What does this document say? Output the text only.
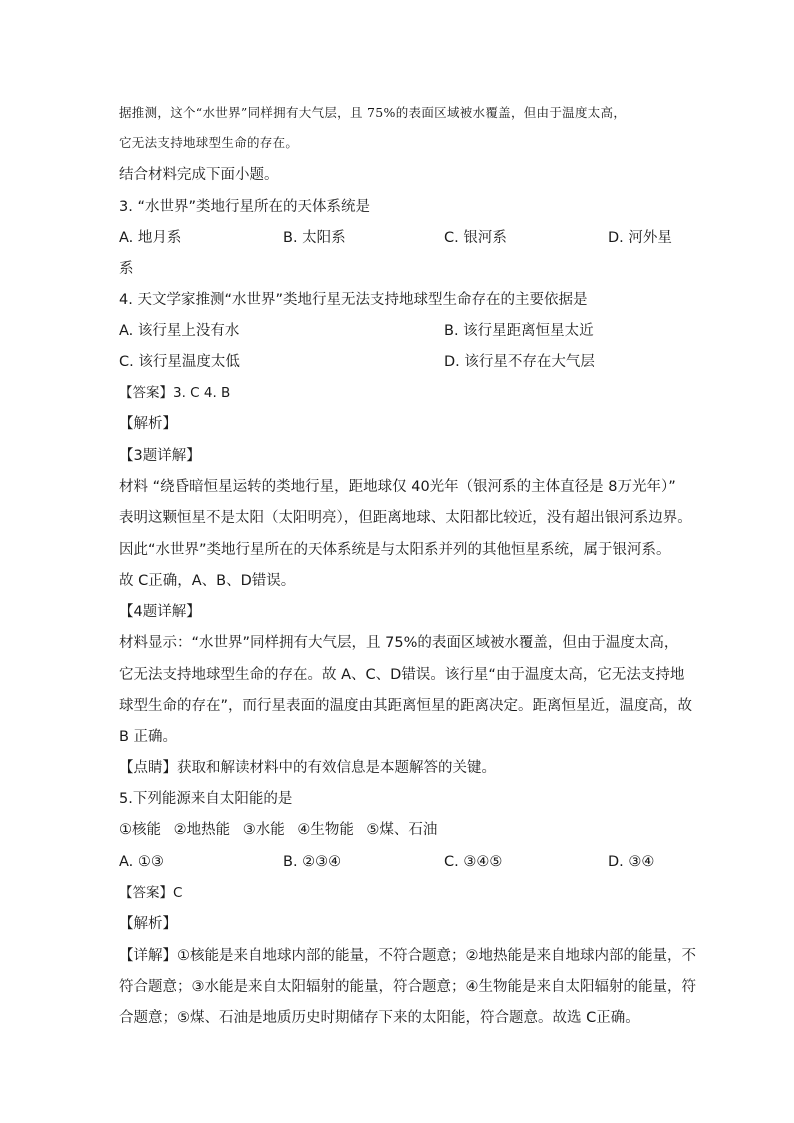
据推测，这个“水世界”同样拥有大气层，且 75%的表面区域被水覆盖，但由于温度太高，
它无法支持地球型生命的存在。
结合材料完成下面小题。
3. “水世界”类地行星所在的天体系统是
A. 地月系	B. 太阳系	C. 银河系	D. 河外星
系
4. 天文学家推测“水世界”类地行星无法支持地球型生命存在的主要依据是
A. 该行星上没有水	B. 该行星距离恒星太近
C. 该行星温度太低	D. 该行星不存在大气层
【答案】3. C 4. B
【解析】
【3题详解】
材料 “绕昏暗恒星运转的类地行星，距地球仅 40光年（银河系的主体直径是 8万光年）”
表明这颗恒星不是太阳（太阳明亮），但距离地球、太阳都比较近，没有超出银河系边界。
因此“水世界”类地行星所在的天体系统是与太阳系并列的其他恒星系统，属于银河系。
故 C正确，A、B、D错误。
【4题详解】
材料显示：“水世界”同样拥有大气层，且 75%的表面区域被水覆盖，但由于温度太高，
它无法支持地球型生命的存在。故 A、C、D错误。该行星“由于温度太高，它无法支持地
球型生命的存在”，而行星表面的温度由其距离恒星的距离决定。距离恒星近，温度高，故
B 正确。
【点睛】获取和解读材料中的有效信息是本题解答的关键。
5.下列能源来自太阳能的是
①核能 ②地热能 ③水能 ④生物能 ⑤煤、石油
A. ①③	B. ②③④	C. ③④⑤	D. ③④
【答案】C
【解析】
【详解】①核能是来自地球内部的能量，不符合题意；②地热能是来自地球内部的能量，不
符合题意；③水能是来自太阳辐射的能量，符合题意；④生物能是来自太阳辐射的能量，符
合题意；⑤煤、石油是地质历史时期储存下来的太阳能，符合题意。故选 C正确。
